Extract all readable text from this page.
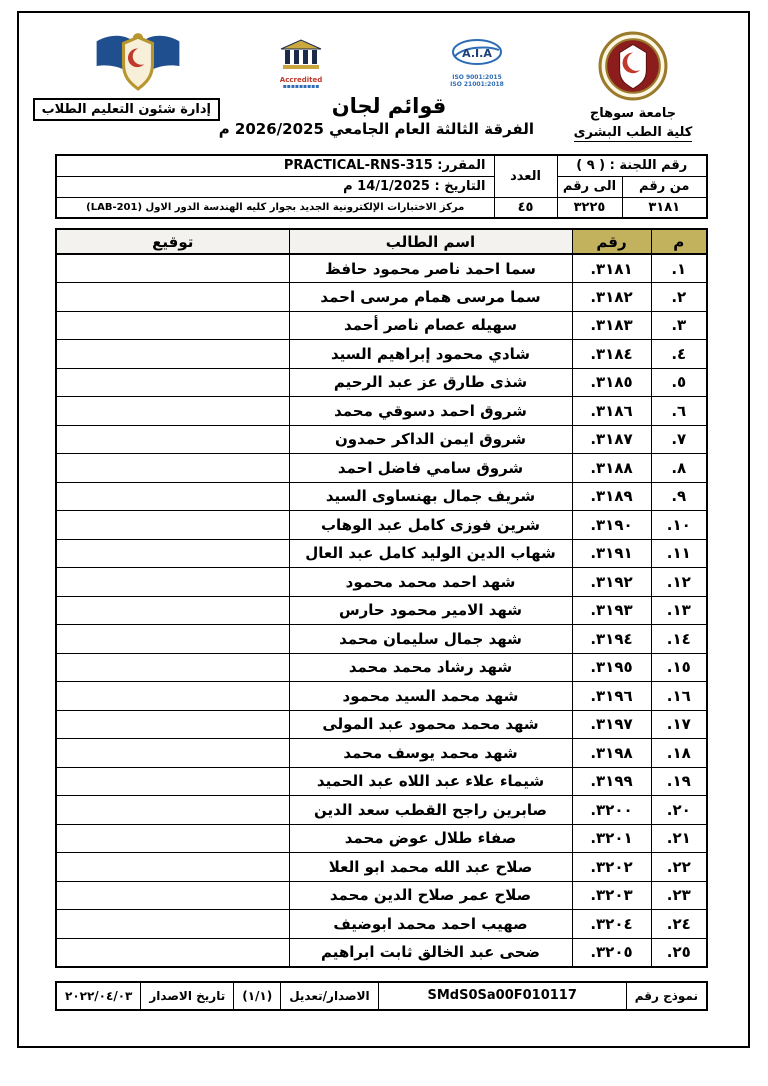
جامعة سوهاج
كلية الطب البشرى
Accredited
▪▪▪▪▪▪▪▪▪
A.I.A
ISO 9001:2015
ISO 21001:2018
قوائم لجان
الفرقة الثالثة العام الجامعي 2026/2025 م
إدارة شئون التعليم الطلاب
رقم اللجنة : ( ٩ )		العدد	المقرر: PRACTICAL-RNS-315
من رقم	الى رقم		التاريخ : 14/1/2025 م
٣١٨١	٣٢٢٥	٤٥	مركز الاختبارات الإلكترونية الجديد بجوار كليه الهندسة الدور الاول (LAB-201)
م	رقم	اسم الطالب	توقيع
١.	٣١٨١.	سما احمد ناصر محمود حافظ	
٢.	٣١٨٢.	سما مرسى همام مرسى احمد	
٣.	٣١٨٣.	سهيله عصام ناصر أحمد	
٤.	٣١٨٤.	شادي محمود إبراهيم السيد	
٥.	٣١٨٥.	شذى طارق عز عبد الرحيم	
٦.	٣١٨٦.	شروق احمد دسوقي محمد	
٧.	٣١٨٧.	شروق ايمن الداكر حمدون	
٨.	٣١٨٨.	شروق سامي فاضل احمد	
٩.	٣١٨٩.	شريف جمال بهنساوى السيد	
١٠.	٣١٩٠.	شرين فوزى كامل عبد الوهاب	
١١.	٣١٩١.	شهاب الدين الوليد كامل عبد العال	
١٢.	٣١٩٢.	شهد احمد محمد محمود	
١٣.	٣١٩٣.	شهد الامير محمود حارس	
١٤.	٣١٩٤.	شهد جمال سليمان محمد	
١٥.	٣١٩٥.	شهد رشاد محمد محمد	
١٦.	٣١٩٦.	شهد محمد السيد محمود	
١٧.	٣١٩٧.	شهد محمد محمود عبد المولى	
١٨.	٣١٩٨.	شهد محمد يوسف محمد	
١٩.	٣١٩٩.	شيماء علاء عبد اللاه عبد الحميد	
٢٠.	٣٢٠٠.	صابرين راجح القطب سعد الدين	
٢١.	٣٢٠١.	صفاء طلال عوض محمد	
٢٢.	٣٢٠٢.	صلاح عبد الله محمد ابو العلا	
٢٣.	٣٢٠٣.	صلاح عمر صلاح الدين محمد	
٢٤.	٣٢٠٤.	صهيب احمد محمد ابوضيف	
٢٥.	٣٢٠٥.	ضحى عبد الخالق ثابت ابراهيم	
نموذج رقم
SMdS0Sa00F010117
الاصدار/تعديل
(١/١)
تاريخ الاصدار
٢٠٢٢/٠٤/٠٣
